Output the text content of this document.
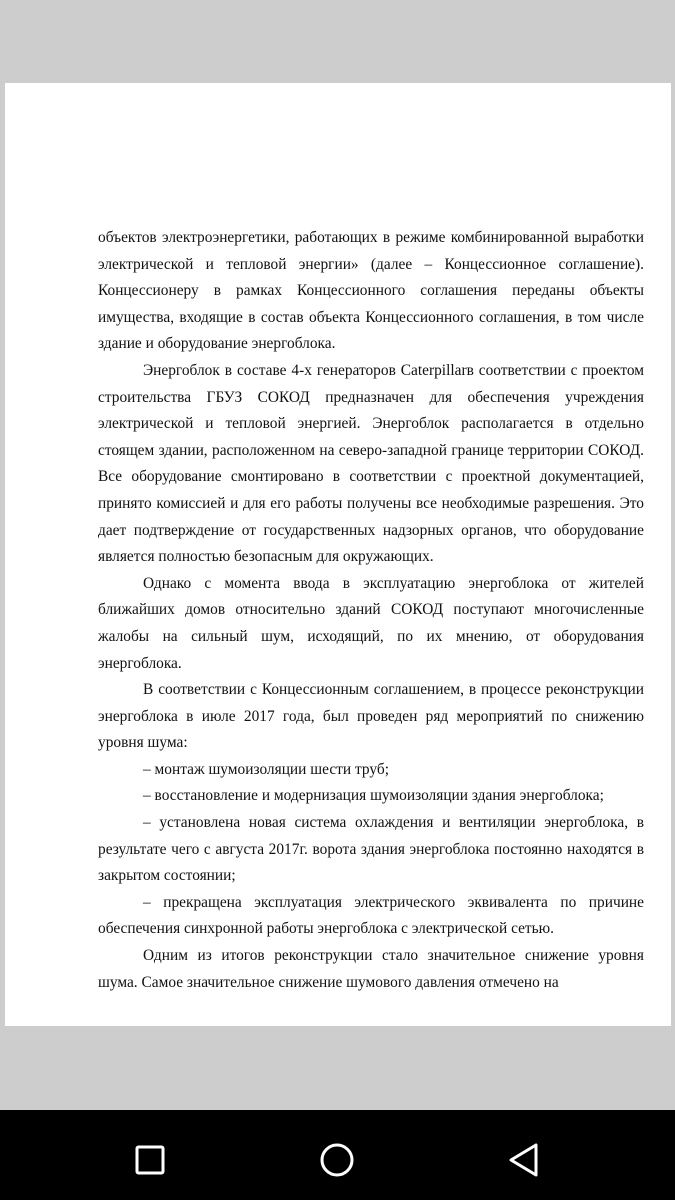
объектов электроэнергетики, работающих в режиме комбинированной выработки электрической и тепловой энергии» (далее – Концессионное соглашение). Концессионеру в рамках Концессионного соглашения переданы объекты имущества, входящие в состав объекта Концессионного соглашения, в том числе здание и оборудование энергоблока.

Энергоблок в составе 4-х генераторов Caterpillarв соответствии с проектом строительства ГБУЗ СОКОД предназначен для обеспечения учреждения электрической и тепловой энергией. Энергоблок располагается в отдельно стоящем здании, расположенном на северо-западной границе территории СОКОД. Все оборудование смонтировано в соответствии с проектной документацией, принято комиссией и для его работы получены все необходимые разрешения. Это дает подтверждение от государственных надзорных органов, что оборудование является полностью безопасным для окружающих.

Однако с момента ввода в эксплуатацию энергоблока от жителей ближайших домов относительно зданий СОКОД поступают многочисленные жалобы на сильный шум, исходящий, по их мнению, от оборудования энергоблока.

В соответствии с Концессионным соглашением, в процессе реконструкции энергоблока в июле 2017 года, был проведен ряд мероприятий по снижению уровня шума:

– монтаж шумоизоляции шести труб;

– восстановление и модернизация шумоизоляции здания энергоблока;

– установлена новая система охлаждения и вентиляции энергоблока, в результате чего с августа 2017г. ворота здания энергоблока постоянно находятся в закрытом состоянии;

– прекращена эксплуатация электрического эквивалента по причине обеспечения синхронной работы энергоблока с электрической сетью.

Одним из итогов реконструкции стало значительное снижение уровня шума. Самое значительное снижение шумового давления отмечено на
